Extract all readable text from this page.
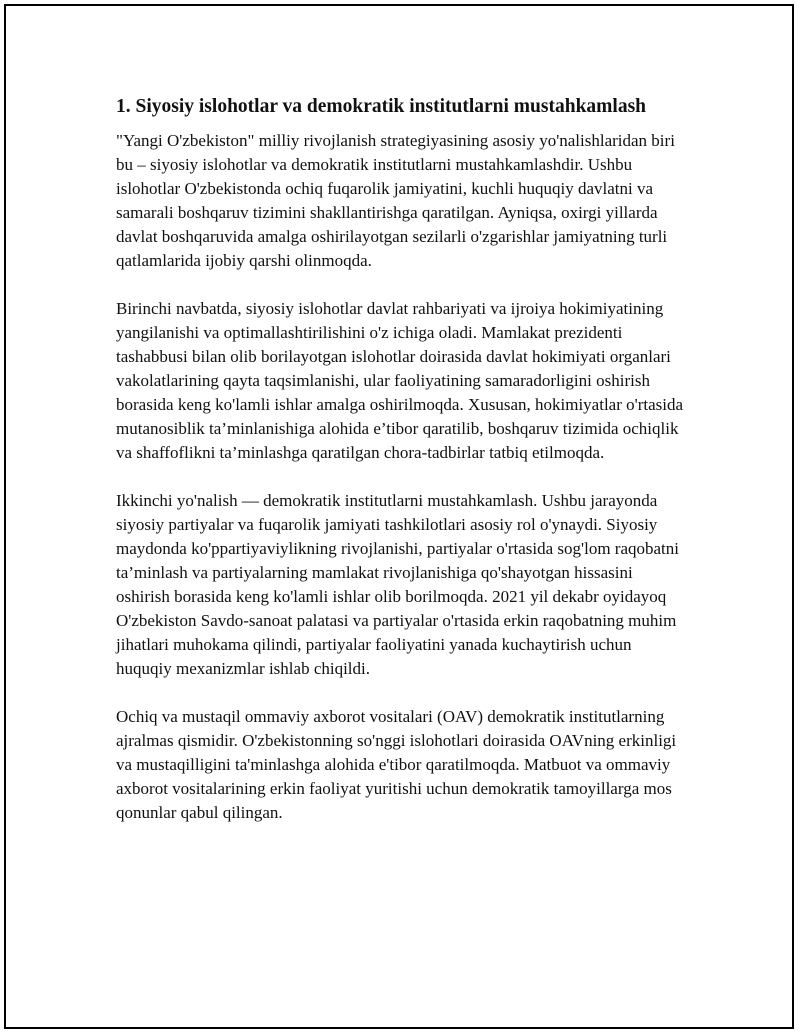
1. Siyosiy islohotlar va demokratik institutlarni mustahkamlash

"Yangi O'zbekiston" milliy rivojlanish strategiyasining asosiy yo'nalishlaridan biri bu – siyosiy islohotlar va demokratik institutlarni mustahkamlashdir. Ushbu islohotlar O'zbekistonda ochiq fuqarolik jamiyatini, kuchli huquqiy davlatni va samarali boshqaruv tizimini shakllantirishga qaratilgan. Ayniqsa, oxirgi yillarda davlat boshqaruvida amalga oshirilayotgan sezilarli o'zgarishlar jamiyatning turli qatlamlarida ijobiy qarshi olinmoqda.

Birinchi navbatda, siyosiy islohotlar davlat rahbariyati va ijroiya hokimiyatining yangilanishi va optimallashtirilishini o'z ichiga oladi. Mamlakat prezidenti tashabbusi bilan olib borilayotgan islohotlar doirasida davlat hokimiyati organlari vakolatlarining qayta taqsimlanishi, ular faoliyatining samaradorligini oshirish borasida keng ko'lamli ishlar amalga oshirilmoqda. Xususan, hokimiyatlar o'rtasida mutanosiblik ta’minlanishiga alohida e’tibor qaratilib, boshqaruv tizimida ochiqlik va shaffoflikni ta’minlashga qaratilgan chora-tadbirlar tatbiq etilmoqda.

Ikkinchi yo'nalish — demokratik institutlarni mustahkamlash. Ushbu jarayonda siyosiy partiyalar va fuqarolik jamiyati tashkilotlari asosiy rol o'ynaydi. Siyosiy maydonda ko'ppartiyaviylikning rivojlanishi, partiyalar o'rtasida sog'lom raqobatni ta’minlash va partiyalarning mamlakat rivojlanishiga qo'shayotgan hissasini oshirish borasida keng ko'lamli ishlar olib borilmoqda. 2021 yil dekabr oyidayoq O'zbekiston Savdo-sanoat palatasi va partiyalar o'rtasida erkin raqobatning muhim jihatlari muhokama qilindi, partiyalar faoliyatini yanada kuchaytirish uchun huquqiy mexanizmlar ishlab chiqildi.

Ochiq va mustaqil ommaviy axborot vositalari (OAV) demokratik institutlarning ajralmas qismidir. O'zbekistonning so'nggi islohotlari doirasida OAVning erkinligi va mustaqilligini ta'minlashga alohida e'tibor qaratilmoqda. Matbuot va ommaviy axborot vositalarining erkin faoliyat yuritishi uchun demokratik tamoyillarga mos qonunlar qabul qilingan.
